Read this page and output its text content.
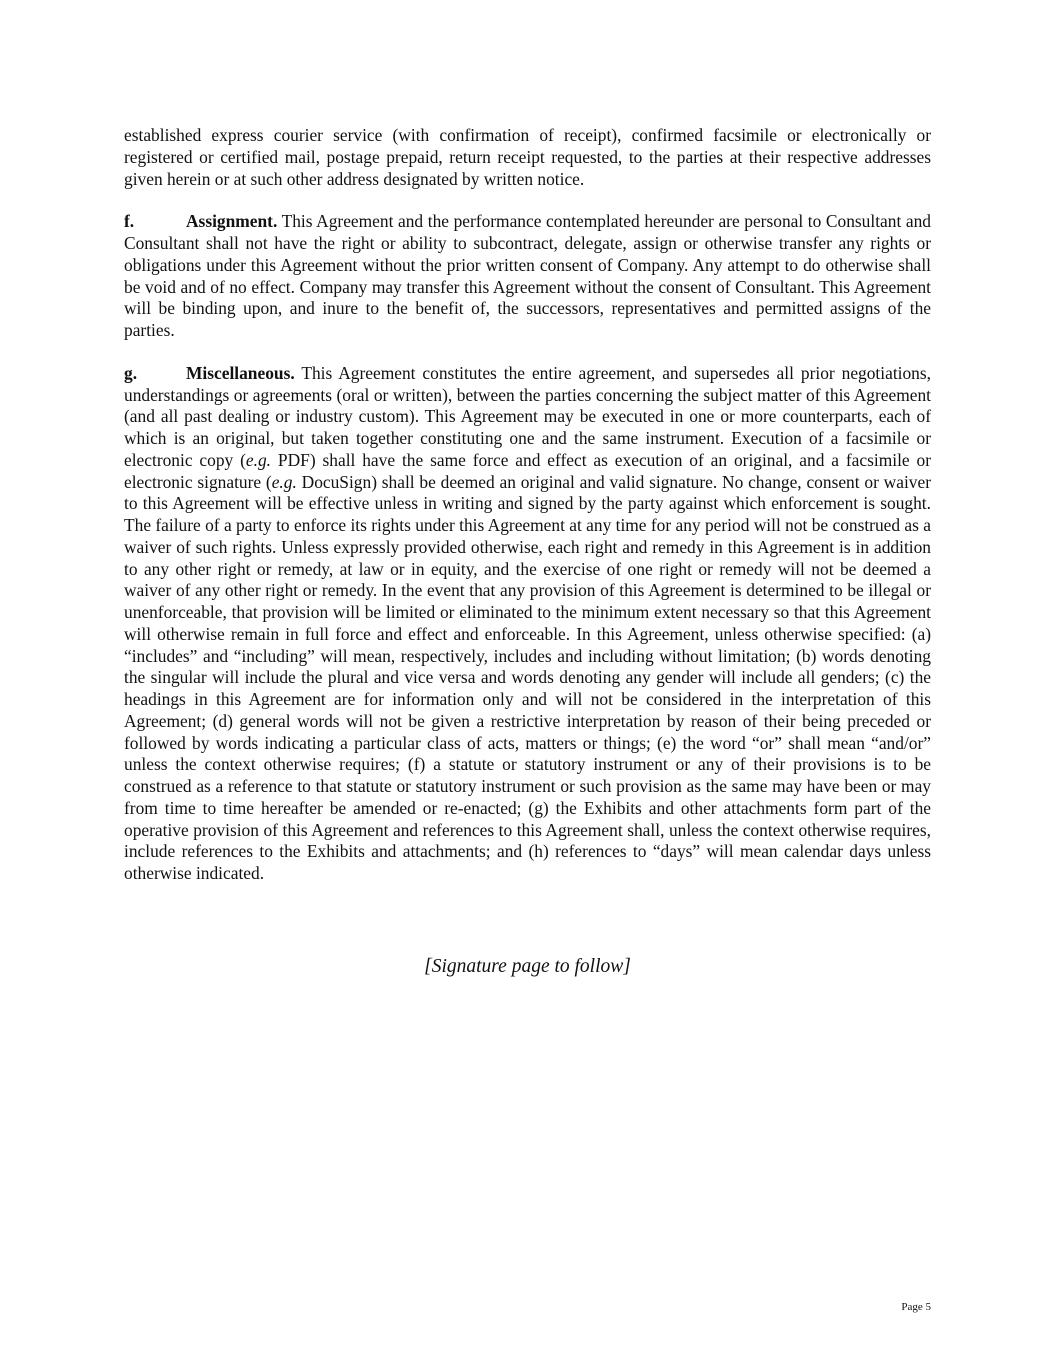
established express courier service (with confirmation of receipt), confirmed facsimile or electronically or registered or certified mail, postage prepaid, return receipt requested, to the parties at their respective addresses given herein or at such other address designated by written notice.

f.	Assignment. This Agreement and the performance contemplated hereunder are personal to Consultant and Consultant shall not have the right or ability to subcontract, delegate, assign or otherwise transfer any rights or obligations under this Agreement without the prior written consent of Company. Any attempt to do otherwise shall be void and of no effect. Company may transfer this Agreement without the consent of Consultant. This Agreement will be binding upon, and inure to the benefit of, the successors, representatives and permitted assigns of the parties.

g.	Miscellaneous. This Agreement constitutes the entire agreement, and supersedes all prior negotiations, understandings or agreements (oral or written), between the parties concerning the subject matter of this Agreement (and all past dealing or industry custom). This Agreement may be executed in one or more counterparts, each of which is an original, but taken together constituting one and the same instrument. Execution of a facsimile or electronic copy (e.g. PDF) shall have the same force and effect as execution of an original, and a facsimile or electronic signature (e.g. DocuSign) shall be deemed an original and valid signature. No change, consent or waiver to this Agreement will be effective unless in writing and signed by the party against which enforcement is sought. The failure of a party to enforce its rights under this Agreement at any time for any period will not be construed as a waiver of such rights. Unless expressly provided otherwise, each right and remedy in this Agreement is in addition to any other right or remedy, at law or in equity, and the exercise of one right or remedy will not be deemed a waiver of any other right or remedy. In the event that any provision of this Agreement is determined to be illegal or unenforceable, that provision will be limited or eliminated to the minimum extent necessary so that this Agreement will otherwise remain in full force and effect and enforceable. In this Agreement, unless otherwise specified: (a) “includes” and “including” will mean, respectively, includes and including without limitation; (b) words denoting the singular will include the plural and vice versa and words denoting any gender will include all genders; (c) the headings in this Agreement are for information only and will not be considered in the interpretation of this Agreement; (d) general words will not be given a restrictive interpretation by reason of their being preceded or followed by words indicating a particular class of acts, matters or things; (e) the word “or” shall mean “and/or” unless the context otherwise requires; (f) a statute or statutory instrument or any of their provisions is to be construed as a reference to that statute or statutory instrument or such provision as the same may have been or may from time to time hereafter be amended or re-enacted; (g) the Exhibits and other attachments form part of the operative provision of this Agreement and references to this Agreement shall, unless the context otherwise requires, include references to the Exhibits and attachments; and (h) references to “days” will mean calendar days unless otherwise indicated.

[Signature page to follow]
Page 5
